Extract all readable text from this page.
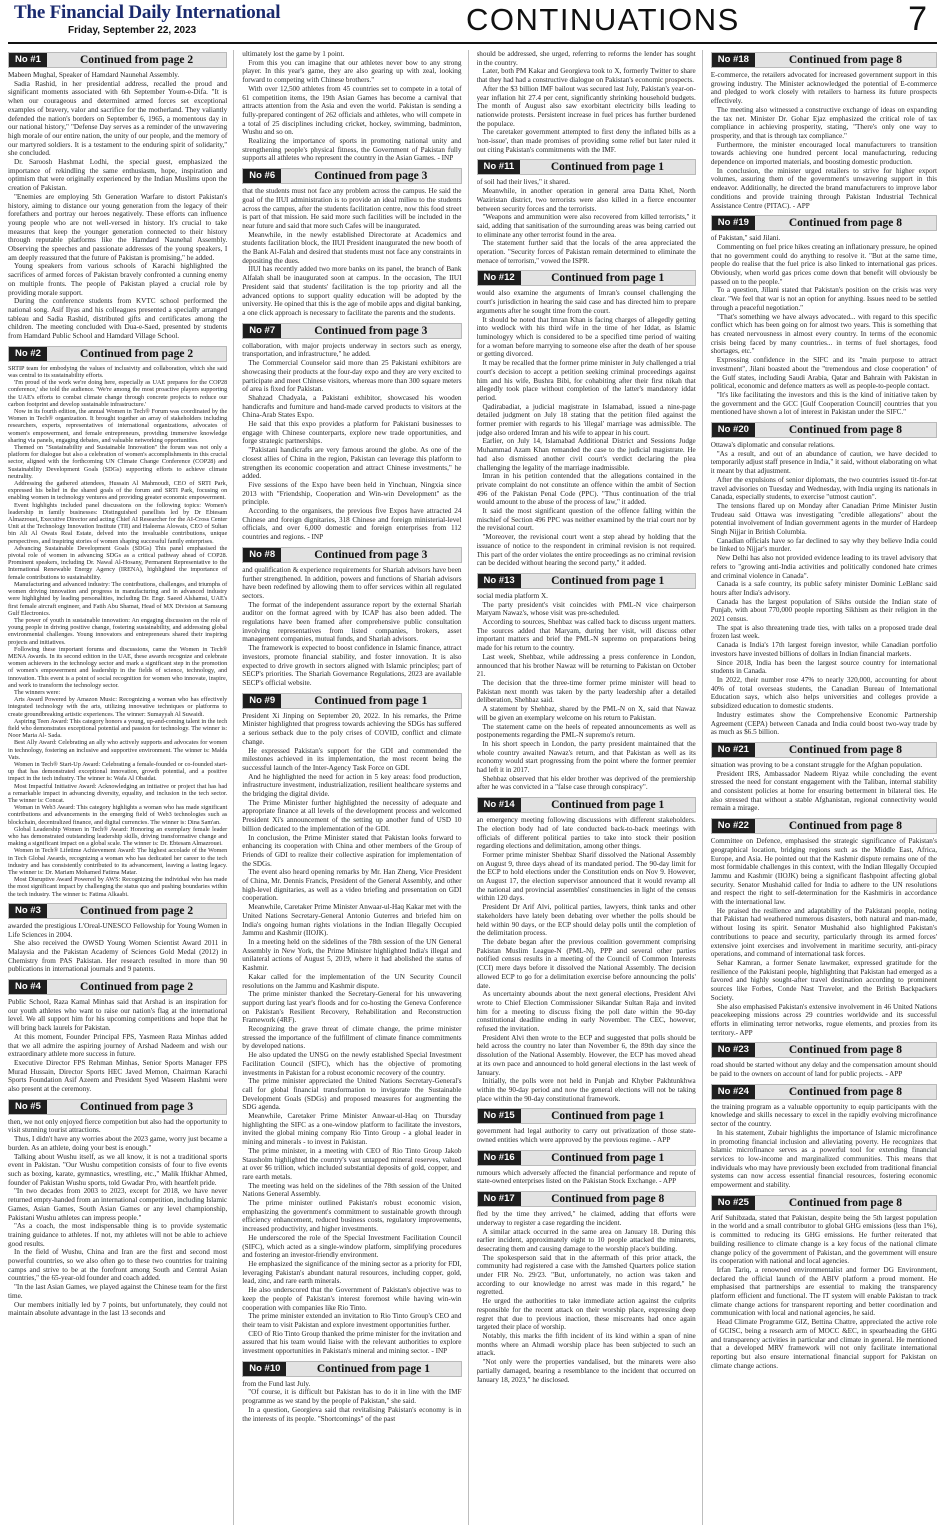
The Financial Daily International
Friday, September 22, 2023	CONTINUATIONS	7
No #1	Continued from page 2

Mabeen Mughal, Speaker of Hamdard Naunehal Assembly.

Sadia Rashid, in her presidential address, recalled the proud and significant moments associated with 6th September Youm-e-Difa. "It is when our courageous and determined armed forces set exceptional examples of bravery, valor and sacrifice for the motherland. They valiantly defended the nation's borders on September 6, 1965, a momentous day in our national history," "Defense Day serves as a reminder of the unwavering high morale of our entire nation, the unity of our people, and the memory of our martyred soldiers. It is a testament to the enduring spirit of solidarity," she concluded.

Dr. Saroosh Hashmat Lodhi, the special guest, emphasized the importance of rekindling the same enthusiasm, hope, inspiration and optimism that were originally experienced by the Indian Muslims upon the creation of Pakistan.

"Enemies are employing 5th Generation Warfare to distort Pakistan's history, aiming to distance our young generation from the legacy of their forefathers and portray our heroes negatively. These efforts can influence young people who are not well-versed in history. It's crucial to take measures that keep the younger generation connected to their history through reputable platforms like the Hamdard Naunehal Assembly. Observing the speeches and passionate addresses of the young speakers, I am deeply reassured that the future of Pakistan is promising," he added.

Young speakers from various schools of Karachi highlighted the sacrifices of armed forces of Pakistan bravely confronted a cunning enemy on multiple fronts. The people of Pakistan played a crucial role by providing morale support.

During the conference students from KVTC school performed the national song. Asif Ilyas and his colleagues presented a specially arranged tableau and Sadia Rashid, distributed gifts and certificates among the children. The meeting concluded with Dua-e-Saed, presented by students from Hamdard Public School and Hamdard Village School.

No #2	Continued from page 2

SRTIP team for embodying the values of inclusivity and collaboration, which she said was central to its sustainability efforts.

'I'm proud of the work we're doing here, especially as UAE prepares for the COP28 conference,' she told the audience. 'We're among the most proactive players supporting the UAE's efforts to combat climate change through concrete projects to reduce our carbon footprint and develop sustainable infrastructure.'

Now in its fourth edition, the annual Women in Tech® Forum was coordinated by the Women in Tech® organization. It brought together an array of stakeholders including researchers, experts, representatives of international organizations, advocates of women's empowerment, and female entrepreneurs, providing immersive knowledge sharing via panels, engaging debates, and valuable networking opportunities.

Themed on "Sustainability and Sustainable Innovation" the forum was not only a platform for dialogue but also a celebration of women's accomplishments in this crucial sector, aligned with the forthcoming UN Climate Change Conference (COP28) and Sustainability Development Goals (SDGs) supporting efforts to achieve climate neutrality.

Addressing the gathered attendees, Hussain Al Mahmoudi, CEO of SRTI Park, expressed his belief in the shared goals of the forum and SRTI Park, focusing on enabling women in technology ventures and providing greater economic empowerment.

Event highlights included panel discussions on the following topics: Women's leadership in family businesses: Distinguished panellists led by Dr Ebtesam Almazrouei, Executive Director and acting Chief AI Researcher for the AI-Cross Center Unit at the Technology Innovation Institute (TII) and Haleema Alowais, CEO of Sultan bin Ali Al Owais Real Estate, delved into the invaluable contributions, unique perspectives, and inspiring stories of women shaping successful family enterprises.

Advancing Sustainable Development Goals (SDGs) This panel emphasised the pivotal role of women in advancing SDGs as a critical pathway ahead of COP28. Prominent speakers, including Dr. Nawal Al-Hosany, Permanent Representative to the International Renewable Energy Agency (IRENA), highlighted the importance of female contributions to sustainability.

Manufacturing and advanced industry: The contributions, challenges, and triumphs of women driving innovation and progress in manufacturing and in advanced industry were highlighted by leading personalities, including Dr. Engr. Saeed Alshamsi, UAE's first female aircraft engineer, and Fatih Abu Shamat, Head of MX Division at Samsung Gulf Electronics.

The power of youth in sustainable innovation: An engaging discussion on the role of young people in driving positive change, fostering sustainability, and addressing global environmental challenges. Young innovators and entrepreneurs shared their inspiring projects and initiatives.

Following these important forums and discussions, came the Women in Tech® MENA Awards. In its second edition in the UAE, these awards recognize and celebrate women achievers in the technology sector and mark a significant step in the promotion of women's empowerment and leadership in the fields of science, technology, and innovation. This event is a point of social recognition for women who innovate, inspire, and work to transform the technology sector.

The winners were:

Arts Award Powered by Amazon Music: Recognizing a woman who has effectively integrated technology with the arts, utilizing innovative techniques or platforms to create groundbreaking artistic experiences. The winner: Sumayyah Al Suwaidi.

Aspiring Teen Award: This category honors a young, up-and-coming talent in the tech field who demonstrates exceptional potential and passion for technology. The winner is: Noor Maria Al- Sada.

Best Ally Award: Celebrating an ally who actively supports and advocates for women in technology, fostering an inclusive and supportive environment. The winner is: Malda Vats.

Women in Tech® Start-Up Award: Celebrating a female-founded or co-founded start-up that has demonstrated exceptional innovation, growth potential, and a positive impact in the tech industry. The winner is: Wafa Al Obaidat.

Most Impactful Initiative Award: Acknowledging an initiative or project that has had a remarkable impact in advancing diversity, equality, and inclusion in the tech sector. The winner is: Concat.

Woman in Web3 Award: This category highlights a woman who has made significant contributions and advancements in the emerging field of Web3 technologies such as blockchain, decentralized finance, and digital currencies. The winner is: Dina Sam'an.

Global Leadership Women in Tech® Award: Honoring an exemplary female leader who has demonstrated outstanding leadership skills, driving transformative change and making a significant impact on a global scale. The winner is: Dr. Ebtesam Almazrouei.

Women in Tech® Lifetime Achievement Award: The highest accolade of the Women in Tech Global Awards, recognizing a woman who has dedicated her career to the tech industry and has consistently contributed to its advancement, leaving a lasting legacy. The winner is: Dr. Mariam Mohamed Fatima Matar.

Most Disruptive Award Powered by AWS: Recognizing the individual who has made the most significant impact by challenging the status quo and pushing boundaries within the tech industry. The winner is: Fatima Alkaabi.

No #3	Continued from page 2

awarded the prestigious L'Oreal-UNESCO Fellowship for Young Women in Life Sciences in 2004.

She also received the OWSD Young Women Scientist Award 2011 in Malaysia and the Pakistan Academy of Sciences Gold Medal (2012) in Chemistry from PAS Pakistan. Her research resulted in more than 90 publications in international journals and 9 patents.

No #4	Continued from page 2

Public School, Raza Kamal Minhas said that Arshad is an inspiration for our youth athletes who want to raise our nation's flag at the international level. We all support him for his upcoming competitions and hope that he will bring back laurels for Pakistan.

At this moment, Founder Principal FPS, Yasmeen Raza Minhas added that we all admire the aspiring journey of Arshad Nadeem and wish our extraordinary athlete more success in future.

Executive Director FPS Rehman Minhas, Senior Sports Manager FPS Murad Hussain, Director Sports HEC Javed Memon, Chairman Karachi Sports Foundation Asif Azeem and President Syed Waseem Hashmi were also present at the ceremony.

No #5	Continued from page 3

then, we not only enjoyed fierce competition but also had the opportunity to visit stunning tourist attractions.

Thus, I didn't have any worries about the 2023 game, worry just became a burden. As an athlete, doing your best is enough."

Talking about Wushu itself, as we all know, it is not a traditional sports event in Pakistan. "Our Wushu competition consists of four to five events such as boxing, karate, gymnastics, wrestling, etc.," Malik Iftikhar Ahmed, founder of Pakistan Wushu sports, told Gwadar Pro, with heartfelt pride.

"In two decades from 2003 to 2023, except for 2018, we have never returned empty-handed from an international competition, including Islamic Games, Asian Games, South Asian Games or any level championship, Pakistani Wushu athletes can impress people."

"As a coach, the most indispensable thing is to provide systematic training guidance to athletes. If not, my athletes will not be able to achieve good results.

In the field of Wushu, China and Iran are the first and second most powerful countries, so we also often go to these two countries for training camps and strive to be at the forefront among South and Central Asian countries," the 65-year-old founder and coach added.

"In the last Asian Games, we played against the Chinese team for the first time.

Our members initially led by 7 points, but unfortunately, they could not maintain absolute advantage in the last 13 seconds and

ultimately lost the game by 1 point.

From this you can imagine that our athletes never bow to any strong player. In this year's game, they are also gearing up with zeal, looking forward to competing with Chinese brothers."

With over 12,500 athletes from 45 countries set to compete in a total of 61 competition items, the 19th Asian Games has become a carnival that attracts attention from the Asia and even the world. Pakistan is sending a fully-prepared contingent of 262 officials and athletes, who will compete in a total of 25 disciplines including cricket, hockey, swimming, badminton, Wushu and so on.

Realizing the importance of sports in promoting national unity and strengthening people's physical fitness, the Government of Pakistan fully supports all athletes who represent the country in the Asian Games. - INP

No #6	Continued from page 3

that the students must not face any problem across the campus. He said the goal of the IIUI administration is to provide an ideal milieu to the students across the campus, after the students facilitation centre, now this food street is part of that mission. He said more such facilities will be included in the near future and said that more such Cafes will be inaugurated.

Meanwhile, in the newly established Directorate at Academics and students facilitation block, the IIUI President inaugurated the new booth of the Bank Al-Falah and desired that students must not face any constraints in depositing the dues.

IIUI has recently added two more banks on its panel, the branch of Bank Alfalah shall be inaugurated soon at campus. In the occasion, The IIUI President said that students' facilitation is the top priority and all the advanced options to support quality education will be adopted by the university. He opined that this is the age of mobile apps and digital banking, a one click approach is necessary to facilitate the parents and the students.

No #7	Continued from page 3

collaboration, with major projects underway in sectors such as energy, transportation, and infrastructure," he added.

The Commercial Counselor said more than 25 Pakistani exhibitors are showcasing their products at the four-day expo and they are very excited to participate and meet Chinese visitors, whereas more than 300 square meters of area is fixed for Pakistan.

Shahzad Chadyala, a Pakistani exhibitor, showcased his wooden handicrafts and furniture and hand-made carved products to visitors at the China-Arab States Expo.

He said that this expo provides a platform for Pakistani businesses to engage with Chinese counterparts, explore new trade opportunities, and forge strategic partnerships.

"Pakistani handicrafts are very famous around the globe. As one of the closest allies of China in the region, Pakistan can leverage this platform to strengthen its economic cooperation and attract Chinese investments," he added.

Five sessions of the Expo have been held in Yinchuan, Ningxia since 2013 with "Friendship, Cooperation and Win-win Development" as the principle.

According to the organisers, the previous five Expos have attracted 24 Chinese and foreign dignitaries, 318 Chinese and foreign ministerial-level officials, and over 6,000 domestic and foreign enterprises from 112 countries and regions. - INP

No #8	Continued from page 3

and qualification & experience requirements for Shariah advisors have been further strengthened. In addition, powers and functions of Shariah advisors have been redefined by allowing them to offer services within all regulated sectors.

The format of the independent assurance report by the external Shariah auditor on the format agreed with by ICAP has also been added. The regulations have been framed after comprehensive public consultation involving representatives from listed companies, brokers, asset management companies, mutual funds, and Shariah advisors.

The framework is expected to boost confidence in Islamic finance, attract investors, promote financial stability, and foster innovation. It is also expected to drive growth in sectors aligned with Islamic principles; part of SECP's priorities. The Shariah Governance Regulations, 2023 are available SECP's official website.

No #9	Continued from page 1

President Xi Jinping on September 20, 2022. In his remarks, the Prime Minister highlighted that progress towards achieving the SDGs has suffered a serious setback due to the poly crises of COVID, conflict and climate change.

He expressed Pakistan's support for the GDI and commended the milestones achieved in its implementation, the most recent being the successful launch of the Inter-Agency Task Force on GDI.

And he highlighted the need for action in 5 key areas: food production, infrastructure investment, industrialization, resilient healthcare systems and the bridging the digital divide.

The Prime Minister further highlighted the necessity of adequate and appropriate finance at all levels of the development process and welcomed President Xi's announcement of the setting up another fund of USD 10 billion dedicated to the implementation of the GDI.

In conclusion, the Prime Minister stated that Pakistan looks forward to enhancing its cooperation with China and other members of the Group of Friends of GDI to realize their collective aspiration for implementation of the SDGs.

The event also heard opening remarks by Mr. Han Zheng, Vice President of China, Mr. Dennis Francis, President of the General Assembly, and other high-level dignitaries, as well as a video briefing and presentation on GDI cooperation.

Meanwhile, Caretaker Prime Minister Anwaar-ul-Haq Kakar met with the United Nations Secretary-General Antonio Guterres and briefed him on India's ongoing human rights violations in the Indian Illegally Occupied Jammu and Kashmir (IIOJK).

In a meeting held on the sidelines of the 78th session of the UN General Assembly in New York, the Prime Minister highlighted India's illegal and unilateral actions of August 5, 2019, where it had abolished the status of Kashmir.

Kakar called for the implementation of the UN Security Council resolutions on the Jammu and Kashmir dispute.

The prime minister thanked the Secretary-General for his unwavering support during last year's floods and for co-hosting the Geneva Conference on Pakistan's Resilient Recovery, Rehabilitation and Reconstruction Framework (4RF).

Recognizing the grave threat of climate change, the prime minister stressed the importance of the fulfillment of climate finance commitments by developed nations.

He also updated the UNSG on the newly established Special Investment Facilitation Council (SIFC), which has the objective of promoting investments in Pakistan for a robust economic recovery of the country.

The prime minister appreciated the United Nations Secretary-General's call for global financial transformation to invigorate the Sustainable Development Goals (SDGs) and proposed measures for augmenting the SDG agenda.

Meanwhile, Caretaker Prime Minister Anwaar-ul-Haq on Thursday highlighting the SIFC as a one-window platform to facilitate the investors, invited the global mining company Rio Tinto Group - a global leader in mining and minerals - to invest in Pakistan.

The prime minister, in a meeting with CEO of Rio Tinto Group Jakob Stausholm highlighted the country's vast untapped mineral reserves, valued at over $6 trillion, which included substantial deposits of gold, copper, and rare earth metals.

The meeting was held on the sidelines of the 78th session of the United Nations General Assembly.

The prime minister outlined Pakistan's robust economic vision, emphasizing the government's commitment to sustainable growth through efficiency enhancement, reduced business costs, regulatory improvements, increased productivity, and higher investments.

He underscored the role of the Special Investment Facilitation Council (SIFC), which acted as a single-window platform, simplifying procedures and fostering an investor-friendly environment.

He emphasized the significance of the mining sector as a priority for FDI, leveraging Pakistan's abundant natural resources, including copper, gold, lead, zinc, and rare earth minerals.

He also underscored that the Government of Pakistan's objective was to keep the people of Pakistan's interest foremost while having win-win cooperation with companies like Rio Tinto.

The prime minister extended an invitation to Rio Tinto Group's CEO and their team to visit Pakistan and explore investment opportunities further.

CEO of Rio Tinto Group thanked the prime minister for the invitation and assured that his team would liaise with the relevant authorities to explore investment opportunities in Pakistan's mineral and mining sector. - INP

No #10	Continued from page 1

from the Fund last July.

"Of course, it is difficult but Pakistan has to do it in line with the IMF programme as we stand by the people of Pakistan," she said.

In a question, Georgieva said that revitalising Pakistan's economy is in the interests of its people. "Shortcomings" of the past

should be addressed, she urged, referring to reforms the lender has sought in the country.

Later, both PM Kakar and Georgieva took to X, formerly Twitter to share that they had had a constructive dialogue on Pakistan's economic prospects.

After the $3 billion IMF bailout was secured last July, Pakistan's year-on-year inflation hit 27.4 per cent, significantly shrinking household budgets. The month of August also saw exorbitant electricity bills leading to nationwide protests. Persistent increase in fuel prices has further burdened the populace.

The caretaker government attempted to first deny the inflated bills as a 'non-issue', than made promises of providing some relief but later ruled it out citing Pakistan's commitments with the IMF.

No #11	Continued from page 1

of soil had their lives," it shared.

Meanwhile, in another operation in general area Datta Khel, North Waziristan district, two terrorists were also killed in a fierce encounter between security forces and the terrorists.

"Weapons and ammunition were also recovered from killed terrorists," it said, adding that sanitisation of the surrounding areas was being carried out to eliminate any other terrorist found in the area.

The statement further said that the locals of the area appreciated the operation. "Security forces of Pakistan remain determined to eliminate the menace of terrorism," vowed the ISPR.

No #12	Continued from page 1

would also examine the arguments of Imran's counsel challenging the court's jurisdiction in hearing the said case and has directed him to prepare arguments after he sought time from the court.

It should be noted that Imran Khan is facing charges of allegedly getting into wedlock with his third wife in the time of her Iddat, as Islamic luminologyy which is considered to be a specified time period of waiting for a woman before marrying to someone else after the death of her spouse or getting divorced.

It may be recalled that the former prime minister in July challenged a trial court's decision to accept a petition seeking criminal proceedings against him and his wife, Bushra Bibi, for cohabiting after their first nikah that allegedly took place without completion of the latter's mandatory iddat period.

Qadirabadiat, a judicial magistrate in Islamabad, issued a nine-page detailed judgment on July 18 stating that the petition filed against the former premier with regards to his 'illegal' marriage was admissible. The judge also ordered Imran and his wife to appear in his court.

Earlier, on July 14, Islamabad Additional District and Sessions Judge Muhammad Azam Khan remanded the case to the judicial magistrate. He had also dismissed another civil court's verdict declaring the plea challenging the legality of the marriage inadmissible.

Imran in his petition contended that the allegations contained in the private complaint do not constitute an offence within the ambit of Section 496 of the Pakistan Penal Code (PPC). "Thus continuation of the trial would amount to the abuse of the process of law," it added.

It said the most significant question of the offence falling within the mischief of Section 496 PPC was neither examined by the trial court nor by the revisional court.

"Moreover, the revisional court went a step ahead by holding that the issuance of notice to the respondent in criminal revision is not required. This part of the order violates the entire proceedings as no criminal revision can be decided without hearing the second party," it added.

No #13	Continued from page 1

social media platform X.

The party president's visit coincides with PML-N vice chairperson Maryam Nawaz's, whose visit was pre-scheduled.

According to sources, Shehbaz was called back to discuss urgent matters. The sources added that Maryam, during her visit, will discuss other important matters and brief the PML-N supremo on preparations being made for his return to the country.

Last week, Shehbaz, while addressing a press conference in London, announced that his brother Nawaz will be returning to Pakistan on October 21.

The decision that the three-time former prime minister will head to Pakistan next month was taken by the party leadership after a detailed deliberation, Shehbaz said.

A statement by Shehbaz, shared by the PML-N on X, said that Nawaz will be given an exemplary welcome on his return to Pakistan.

The statement came on the heels of repeated announcements as well as postponements regarding the PML-N supremo's return.

In his short speech in London, the party president maintained that the whole country awaited Nawaz's return, and that Pakistan as well as its economy would start progressing from the point where the former premier had left it in 2017.

Shehbaz observed that his elder brother was deprived of the premiership after he was convicted in a "false case through conspiracy".

No #14	Continued from page 1

an emergency meeting following discussions with different stakeholders. The election body had of late conducted back-to-back meetings with officials of different political parties to take into stock their position regarding elections and delimitation, among other things.

Former prime minister Shehbaz Sharif dissolved the National Assembly on August 9, three days ahead of its mandated period. The 90-day limit for the ECP to hold elections under the Constitution ends on Nov 9. However, on August 17, the election supervisor announced that it would revamp all the national and provincial assemblies' constituencies in light of the census within 120 days.

President Dr Arif Alvi, political parties, lawyers, think tanks and other stakeholders have lately been debating over whether the polls should be held within 90 days, or the ECP should delay polls until the completion of the delimitation process.

The debate began after the previous coalition government comprising Pakistan Muslim League-N (PML-N), PPP and several other parties notified census results in a meeting of the Council of Common Interests (CCI) mere days before it dissolved the National Assembly. The decision allowed ECP to go for a delimitation exercise before announcing the polls' date.

As uncertainty abounds about the next general elections, President Alvi wrote to Chief Election Commissioner Sikandar Sultan Raja and invited him for a meeting to discuss fixing the poll date within the 90-day constitutional deadline ending in early November. The CEC, however, refused the invitation.

President Alvi then wrote to the ECP and suggested that polls should be held across the country no later than November 6, the 89th day since the dissolution of the National Assembly. However, the ECP has moved ahead at its own pace and announced to hold general elections in the last week of January.

Initially, the polls were not held in Punjab and Khyber Pakhtunkhwa within the 90-day period and now the general elections will not be taking place within the 90-day constitutional framework.

No #15	Continued from page 1

government had legal authority to carry out privatization of those state-owned entities which were approved by the previous regime. - APP

No #16	Continued from page 1

rumours which adversely affected the financial performance and repute of state-owned enterprises listed on the Pakistan Stock Exchange. - APP

No #17	Continued from page 8

fled by the time they arrived," he claimed, adding that efforts were underway to register a case regarding the incident.

A similar attack occurred in the same area on January 18. During this earlier incident, approximately eight to 10 people attacked the minarets, desecrating them and causing damage to the worship place's building.

The spokesperson said that in the aftermath of this prior attack, the community had registered a case with the Jamshed Quarters police station under FIR No. 29/23. "But, unfortunately, no action was taken and according to our knowledge no arrest was made in this regard," he regretted.

He urged the authorities to take immediate action against the culprits responsible for the recent attack on their worship place, expressing deep regret that due to previous inaction, these miscreants had once again targeted their place of worship.

Notably, this marks the fifth incident of its kind within a span of nine months where an Ahmadi worship place has been subjected to such an attack.

"Not only were the properties vandalised, but the minarets were also partially damaged, bearing a resemblance to the incident that occurred on January 18, 2023," he disclosed.

No #18	Continued from page 8

E-commerce, the retailers advocated for increased government support in this growing industry. The Minister acknowledged the potential of E-commerce and pledged to work closely with retailers to harness its future prospects effectively.

The meeting also witnessed a constructive exchange of ideas on expanding the tax net. Minister Dr. Gohar Ejaz emphasized the critical role of tax compliance in achieving prosperity, stating, "There's only one way to prosperity, and that is through tax compliance."

Furthermore, the minister encouraged local manufacturers to transition towards achieving one hundred percent local manufacturing, reducing dependence on imported materials, and boosting domestic production.

In conclusion, the minister urged retailers to strive for higher export volumes, assuring them of the government's unwavering support in this endeavor. Additionally, he directed the brand manufacturers to improve labor conditions and provide training through Pakistan Industrial Technical Assistance Centre (PITAC). - APP

No #19	Continued from page 8

of Pakistan," said Jilani.

Commenting on fuel price hikes creating an inflationary pressure, he opined that no government could do anything to resolve it. "But at the same time, people do realise that the fuel price is also linked to international gas prices. Obviously, when world gas prices come down that benefit will obviously be passed on to the people."

To a question, Jillani stated that Pakistan's position on the crisis was very clear. "We feel that war is not an option for anything. Issues need to be settled through a peaceful negotiation."

"That's something we have always advocated... with regard to this specific conflict which has been going on for almost two years. This is something that has created nervousness in almost every country. In terms of the economic crisis being faced by many countries... in terms of fuel shortages, food shortages, etc."

Expressing confidence in the SIFC and its "main purpose to attract investment", Jilani boasted about the "tremendous and close cooperation" of the Gulf states, including Saudi Arabia, Qatar and Bahrain with Pakistan in political, economic and defence matters as well as people-to-people contact.

"It's like facilitating the investors and this is the kind of initiative taken by the government and the GCC [Gulf Cooperation Council] countries that you mentioned have shown a lot of interest in Pakistan under the SIFC."

No #20	Continued from page 8

Ottawa's diplomatic and consular relations.

"As a result, and out of an abundance of caution, we have decided to temporarily adjust staff presence in India," it said, without elaborating on what it meant by that adjustment.

After the expulsions of senior diplomats, the two countries issued tit-for-tat travel advisories on Tuesday and Wednesday, with India urging its nationals in Canada, especially students, to exercise "utmost caution".

The tensions flared up on Monday after Canadian Prime Minister Justin Trudeau said Ottawa was investigating "credible allegations" about the potential involvement of Indian government agents in the murder of Hardeep Singh Nijjar in British Columbia.

Canadian officials have so far declined to say why they believe India could be linked to Nijjar's murder.

New Delhi has also not provided evidence leading to its travel advisory that refers to "growing anti-India activities and politically condoned hate crimes and criminal violence in Canada".

Canada is a safe country, its public safety minister Dominic LeBlanc said hours after India's advisory.

Canada has the largest population of Sikhs outside the Indian state of Punjab, with about 770,000 people reporting Sikhism as their religion in the 2021 census.

The spat is also threatening trade ties, with talks on a proposed trade deal frozen last week.

Canada is India's 17th largest foreign investor, while Canadian portfolio investors have invested billions of dollars in Indian financial markets.

Since 2018, India has been the largest source country for international students in Canada.

In 2022, their number rose 47% to nearly 320,000, accounting for about 40% of total overseas students, the Canadian Bureau of International Education says, which also helps universities and colleges provide a subsidized education to domestic students.

Industry estimates show the Comprehensive Economic Partnership Agreement (CEPA) between Canada and India could boost two-way trade by as much as $6.5 billion.

No #21	Continued from page 8

situation was proving to be a constant struggle for the Afghan population.

President IRS, Ambassador Nadeem Riyaz while concluding the event stressed the need for constant engagement with the Taliban, internal stability and consistent policies at home for ensuring betterment in bilateral ties. He also stressed that without a stable Afghanistan, regional connectivity would remain a mirage.

No #22	Continued from page 8

Committee on Defence, emphasised the strategic significance of Pakistan's geographical location, bridging regions such as the Middle East, Africa, Europe, and Asia. He pointed out that the Kashmir dispute remains one of the most formidable challenges in this context, with the Indian Illegally Occupied Jammu and Kashmir (IIOJK) being a significant flashpoint affecting global security. Senator Mushahid called for India to adhere to the UN resolutions and respect the right to self-determination for the Kashmiris in accordance with the international law.

He praised the resilience and adaptability of the Pakistani people, noting that Pakistan had weathered numerous disasters, both natural and man-made, without losing its spirit. Senator Mushahid also highlighted Pakistan's contributions to peace and security, particularly through its armed forces' extensive joint exercises and involvement in maritime security, anti-piracy operations, and command of international task forces.

Sehar Kamran, a former Senate lawmaker, expressed gratitude for the resilience of the Pakistani people, highlighting that Pakistan had emerged as a favored and highly sought-after travel destination according to prominent sources like Forbes, Conde Nast Traveler, and the British Backpackers Society.

She also emphasised Pakistan's extensive involvement in 46 United Nations peacekeeping missions across 29 countries worldwide and its successful efforts in eliminating terror networks, rogue elements, and proxies from its territory.- APP

No #23	Continued from page 8

road should be started without any delay and the compensation amount should be paid to the owners on account of land for public projects. - APP

No #24	Continued from page 8

the training program as a valuable opportunity to equip participants with the knowledge and skills necessary to excel in the rapidly evolving microfinance sector of the country.

In his statement, Zubair highlights the importance of Islamic microfinance in promoting financial inclusion and alleviating poverty. He recognizes that Islamic microfinance serves as a powerful tool for extending financial services to low-income and marginalized communities. This means that individuals who may have previously been excluded from traditional financial systems can now access essential financial resources, fostering economic empowerment and stability.

No #25	Continued from page 8

Arif Suhibzada, stated that Pakistan, despite being the 5th largest population in the world and a small contributor to global GHG emissions (less than 1%), is committed to reducing its GHG emissions. He further reiterated that building resilience to climate change is a key focus of the national climate change policy of the government of Pakistan, and the government will ensure its cooperation with national and local agencies.

Irfan Tariq, a renowned environmentalist and former DG Environment, declared the official launch of the ABIV platform a proud moment. He emphasised that partnerships are essential to making the transparency platform efficient and functional. The IT system will enable Pakistan to track climate change actions for transparent reporting and better coordination and communication with local and national agencies, he said.

Head Climate Programme GIZ, Bettina Chattre, appreciated the active role of GCISC, being a research arm of MOCC &EC, in spearheading the GHG and transparency activities in particular and climate in general. He mentioned that a developed MRV framework will not only facilitate international reporting but also ensure international financial support for Pakistan on climate change actions.
